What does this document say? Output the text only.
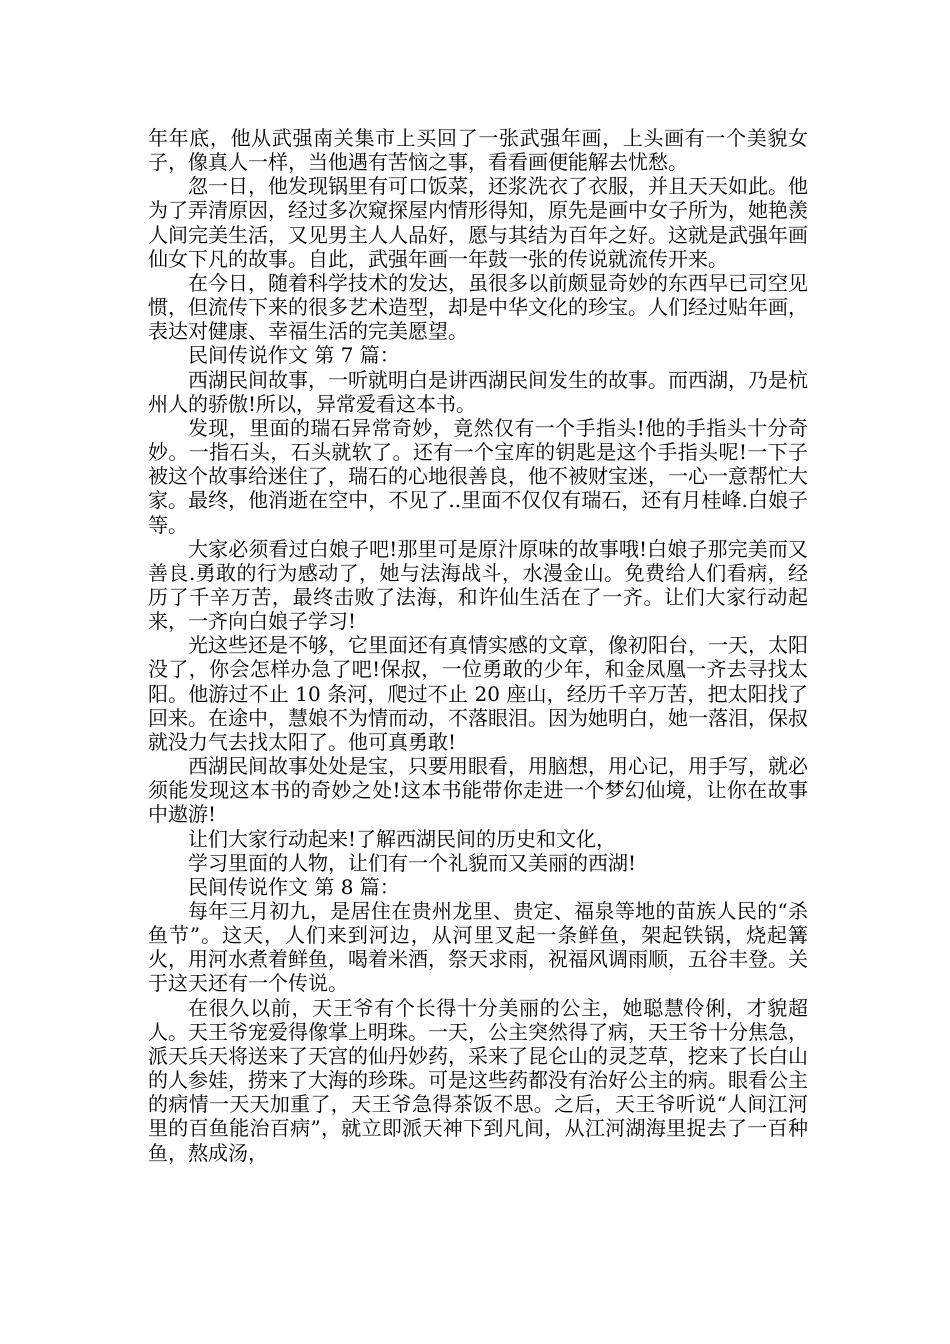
年年底，他从武强南关集市上买回了一张武强年画，上头画有一个美貌女子，像真人一样，当他遇有苦恼之事，看看画便能解去忧愁。

忽一日，他发现锅里有可口饭菜，还浆洗衣了衣服，并且天天如此。他为了弄清原因，经过多次窥探屋内情形得知，原先是画中女子所为，她艳羡人间完美生活，又见男主人人品好，愿与其结为百年之好。这就是武强年画仙女下凡的故事。自此，武强年画一年鼓一张的传说就流传开来。

在今日，随着科学技术的发达，虽很多以前颇显奇妙的东西早已司空见惯，但流传下来的很多艺术造型，却是中华文化的珍宝。人们经过贴年画，表达对健康、幸福生活的完美愿望。

民间传说作文 第 7 篇：

西湖民间故事，一听就明白是讲西湖民间发生的故事。而西湖，乃是杭州人的骄傲!所以，异常爱看这本书。

发现，里面的瑞石异常奇妙，竟然仅有一个手指头!他的手指头十分奇妙。一指石头，石头就软了。还有一个宝库的钥匙是这个手指头呢!一下子被这个故事给迷住了，瑞石的心地很善良，他不被财宝迷，一心一意帮忙大家。最终，他消逝在空中，不见了..里面不仅仅有瑞石，还有月桂峰.白娘子等。

大家必须看过白娘子吧!那里可是原汁原味的故事哦!白娘子那完美而又善良.勇敢的行为感动了，她与法海战斗，水漫金山。免费给人们看病，经历了千辛万苦，最终击败了法海，和许仙生活在了一齐。让们大家行动起来，一齐向白娘子学习!

光这些还是不够，它里面还有真情实感的文章，像初阳台，一天，太阳没了，你会怎样办急了吧!保叔，一位勇敢的少年，和金凤凰一齐去寻找太阳。他游过不止 10 条河，爬过不止 20 座山，经历千辛万苦，把太阳找了回来。在途中，慧娘不为情而动，不落眼泪。因为她明白，她一落泪，保叔就没力气去找太阳了。他可真勇敢!

西湖民间故事处处是宝，只要用眼看，用脑想，用心记，用手写，就必须能发现这本书的奇妙之处!这本书能带你走进一个梦幻仙境，让你在故事中遨游!

让们大家行动起来!了解西湖民间的历史和文化，

学习里面的人物，让们有一个礼貌而又美丽的西湖!

民间传说作文 第 8 篇：

每年三月初九，是居住在贵州龙里、贵定、福泉等地的苗族人民的“杀鱼节”。这天，人们来到河边，从河里叉起一条鲜鱼，架起铁锅，烧起篝火，用河水煮着鲜鱼，喝着米酒，祭天求雨，祝福风调雨顺，五谷丰登。关于这天还有一个传说。

在很久以前，天王爷有个长得十分美丽的公主，她聪慧伶俐，才貌超人。天王爷宠爱得像掌上明珠。一天，公主突然得了病，天王爷十分焦急，派天兵天将送来了天宫的仙丹妙药，采来了昆仑山的灵芝草，挖来了长白山的人参娃，捞来了大海的珍珠。可是这些药都没有治好公主的病。眼看公主的病情一天天加重了，天王爷急得茶饭不思。之后，天王爷听说“人间江河里的百鱼能治百病”，就立即派天神下到凡间，从江河湖海里捉去了一百种鱼，熬成汤，
